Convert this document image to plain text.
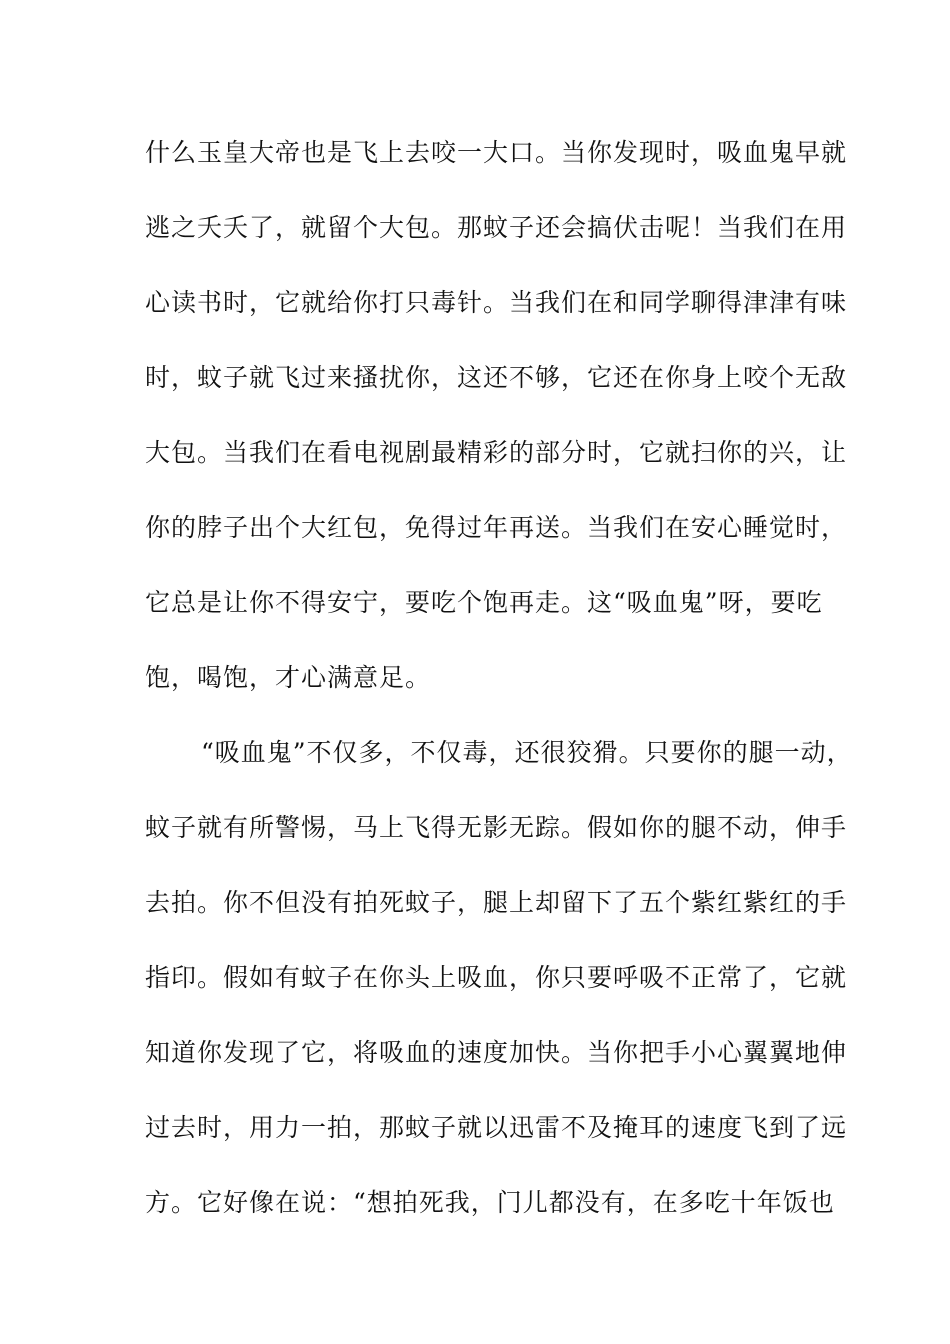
什么玉皇大帝也是飞上去咬一大口。当你发现时，吸血鬼早就
逃之夭夭了，就留个大包。那蚊子还会搞伏击呢！当我们在用
心读书时，它就给你打只毒针。当我们在和同学聊得津津有味
时，蚊子就飞过来搔扰你，这还不够，它还在你身上咬个无敌
大包。当我们在看电视剧最精彩的部分时，它就扫你的兴，让
你的脖子出个大红包，免得过年再送。当我们在安心睡觉时，
它总是让你不得安宁，要吃个饱再走。这“吸血鬼”呀，要吃
饱，喝饱，才心满意足。
“吸血鬼”不仅多，不仅毒，还很狡猾。只要你的腿一动，
蚊子就有所警惕，马上飞得无影无踪。假如你的腿不动，伸手
去拍。你不但没有拍死蚊子，腿上却留下了五个紫红紫红的手
指印。假如有蚊子在你头上吸血，你只要呼吸不正常了，它就
知道你发现了它，将吸血的速度加快。当你把手小心翼翼地伸
过去时，用力一拍，那蚊子就以迅雷不及掩耳的速度飞到了远
方。它好像在说：“想拍死我，门儿都没有，在多吃十年饭也
